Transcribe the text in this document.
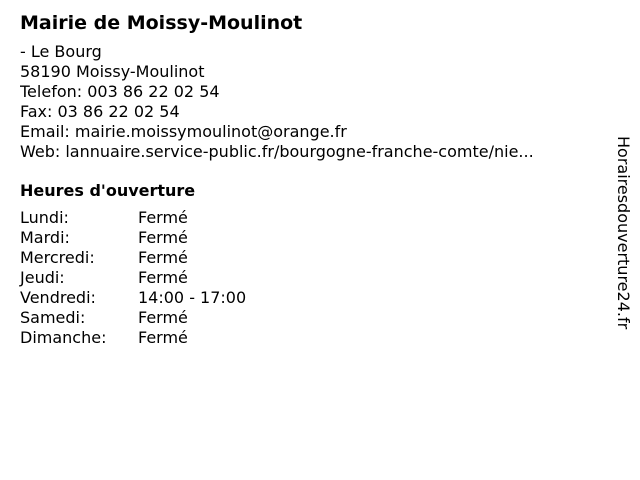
Mairie de Moissy-Moulinot
- Le Bourg
58190 Moissy-Moulinot
Telefon: 003 86 22 02 54
Fax: 03 86 22 02 54
Email: mairie.moissymoulinot@orange.fr
Web: lannuaire.service-public.fr/bourgogne-franche-comte/nie...
Heures d'ouverture
Lundi:	Fermé
Mardi:	Fermé
Mercredi:	Fermé
Jeudi:	Fermé
Vendredi:	14:00 - 17:00
Samedi:	Fermé
Dimanche:	Fermé
Horairesdouverture24.fr
